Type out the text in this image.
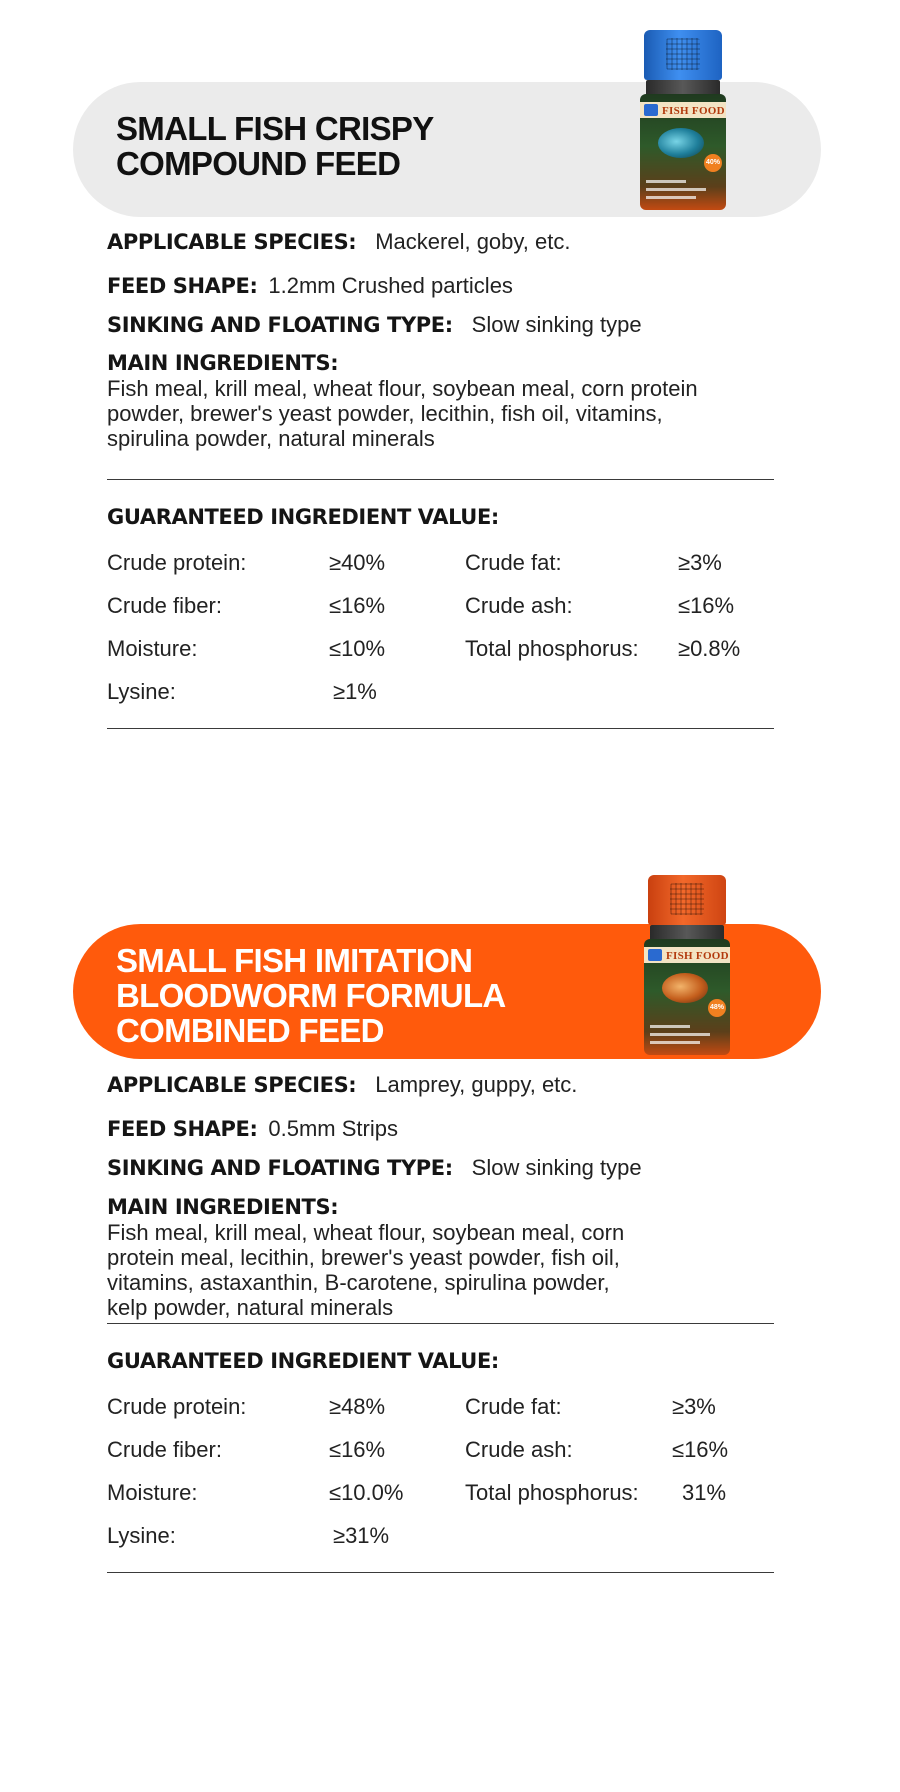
SMALL FISH CRISPY
COMPOUND FEED
FISH FOOD
40%
APPLICABLE SPECIES: Mackerel, goby, etc.
FEED SHAPE: 1.2mm Crushed particles
SINKING AND FLOATING TYPE: Slow sinking type
MAIN INGREDIENTS:
Fish meal, krill meal, wheat flour, soybean meal, corn protein
powder, brewer's yeast powder, lecithin, fish oil, vitamins,
spirulina powder, natural minerals
GUARANTEED INGREDIENT VALUE:
Crude protein:	≥40%	Crude fat:	≥3%
Crude fiber:	≤16%	Crude ash:	≤16%
Moisture:	≤10%	Total phosphorus: ≥0.8%
Lysine:	≥1%
SMALL FISH IMITATION
BLOODWORM FORMULA
COMBINED FEED
FISH FOOD
48%
APPLICABLE SPECIES: Lamprey, guppy, etc.
FEED SHAPE: 0.5mm Strips
SINKING AND FLOATING TYPE: Slow sinking type
MAIN INGREDIENTS:
Fish meal, krill meal, wheat flour, soybean meal, corn
protein meal, lecithin, brewer's yeast powder, fish oil,
vitamins, astaxanthin, B-carotene, spirulina powder,
kelp powder, natural minerals
GUARANTEED INGREDIENT VALUE:
Crude protein:	≥48%	Crude fat:	≥3%
Crude fiber:	≤16%	Crude ash:	≤16%
Moisture:	≤10.0%	Total phosphorus: 31%
Lysine:	≥31%
